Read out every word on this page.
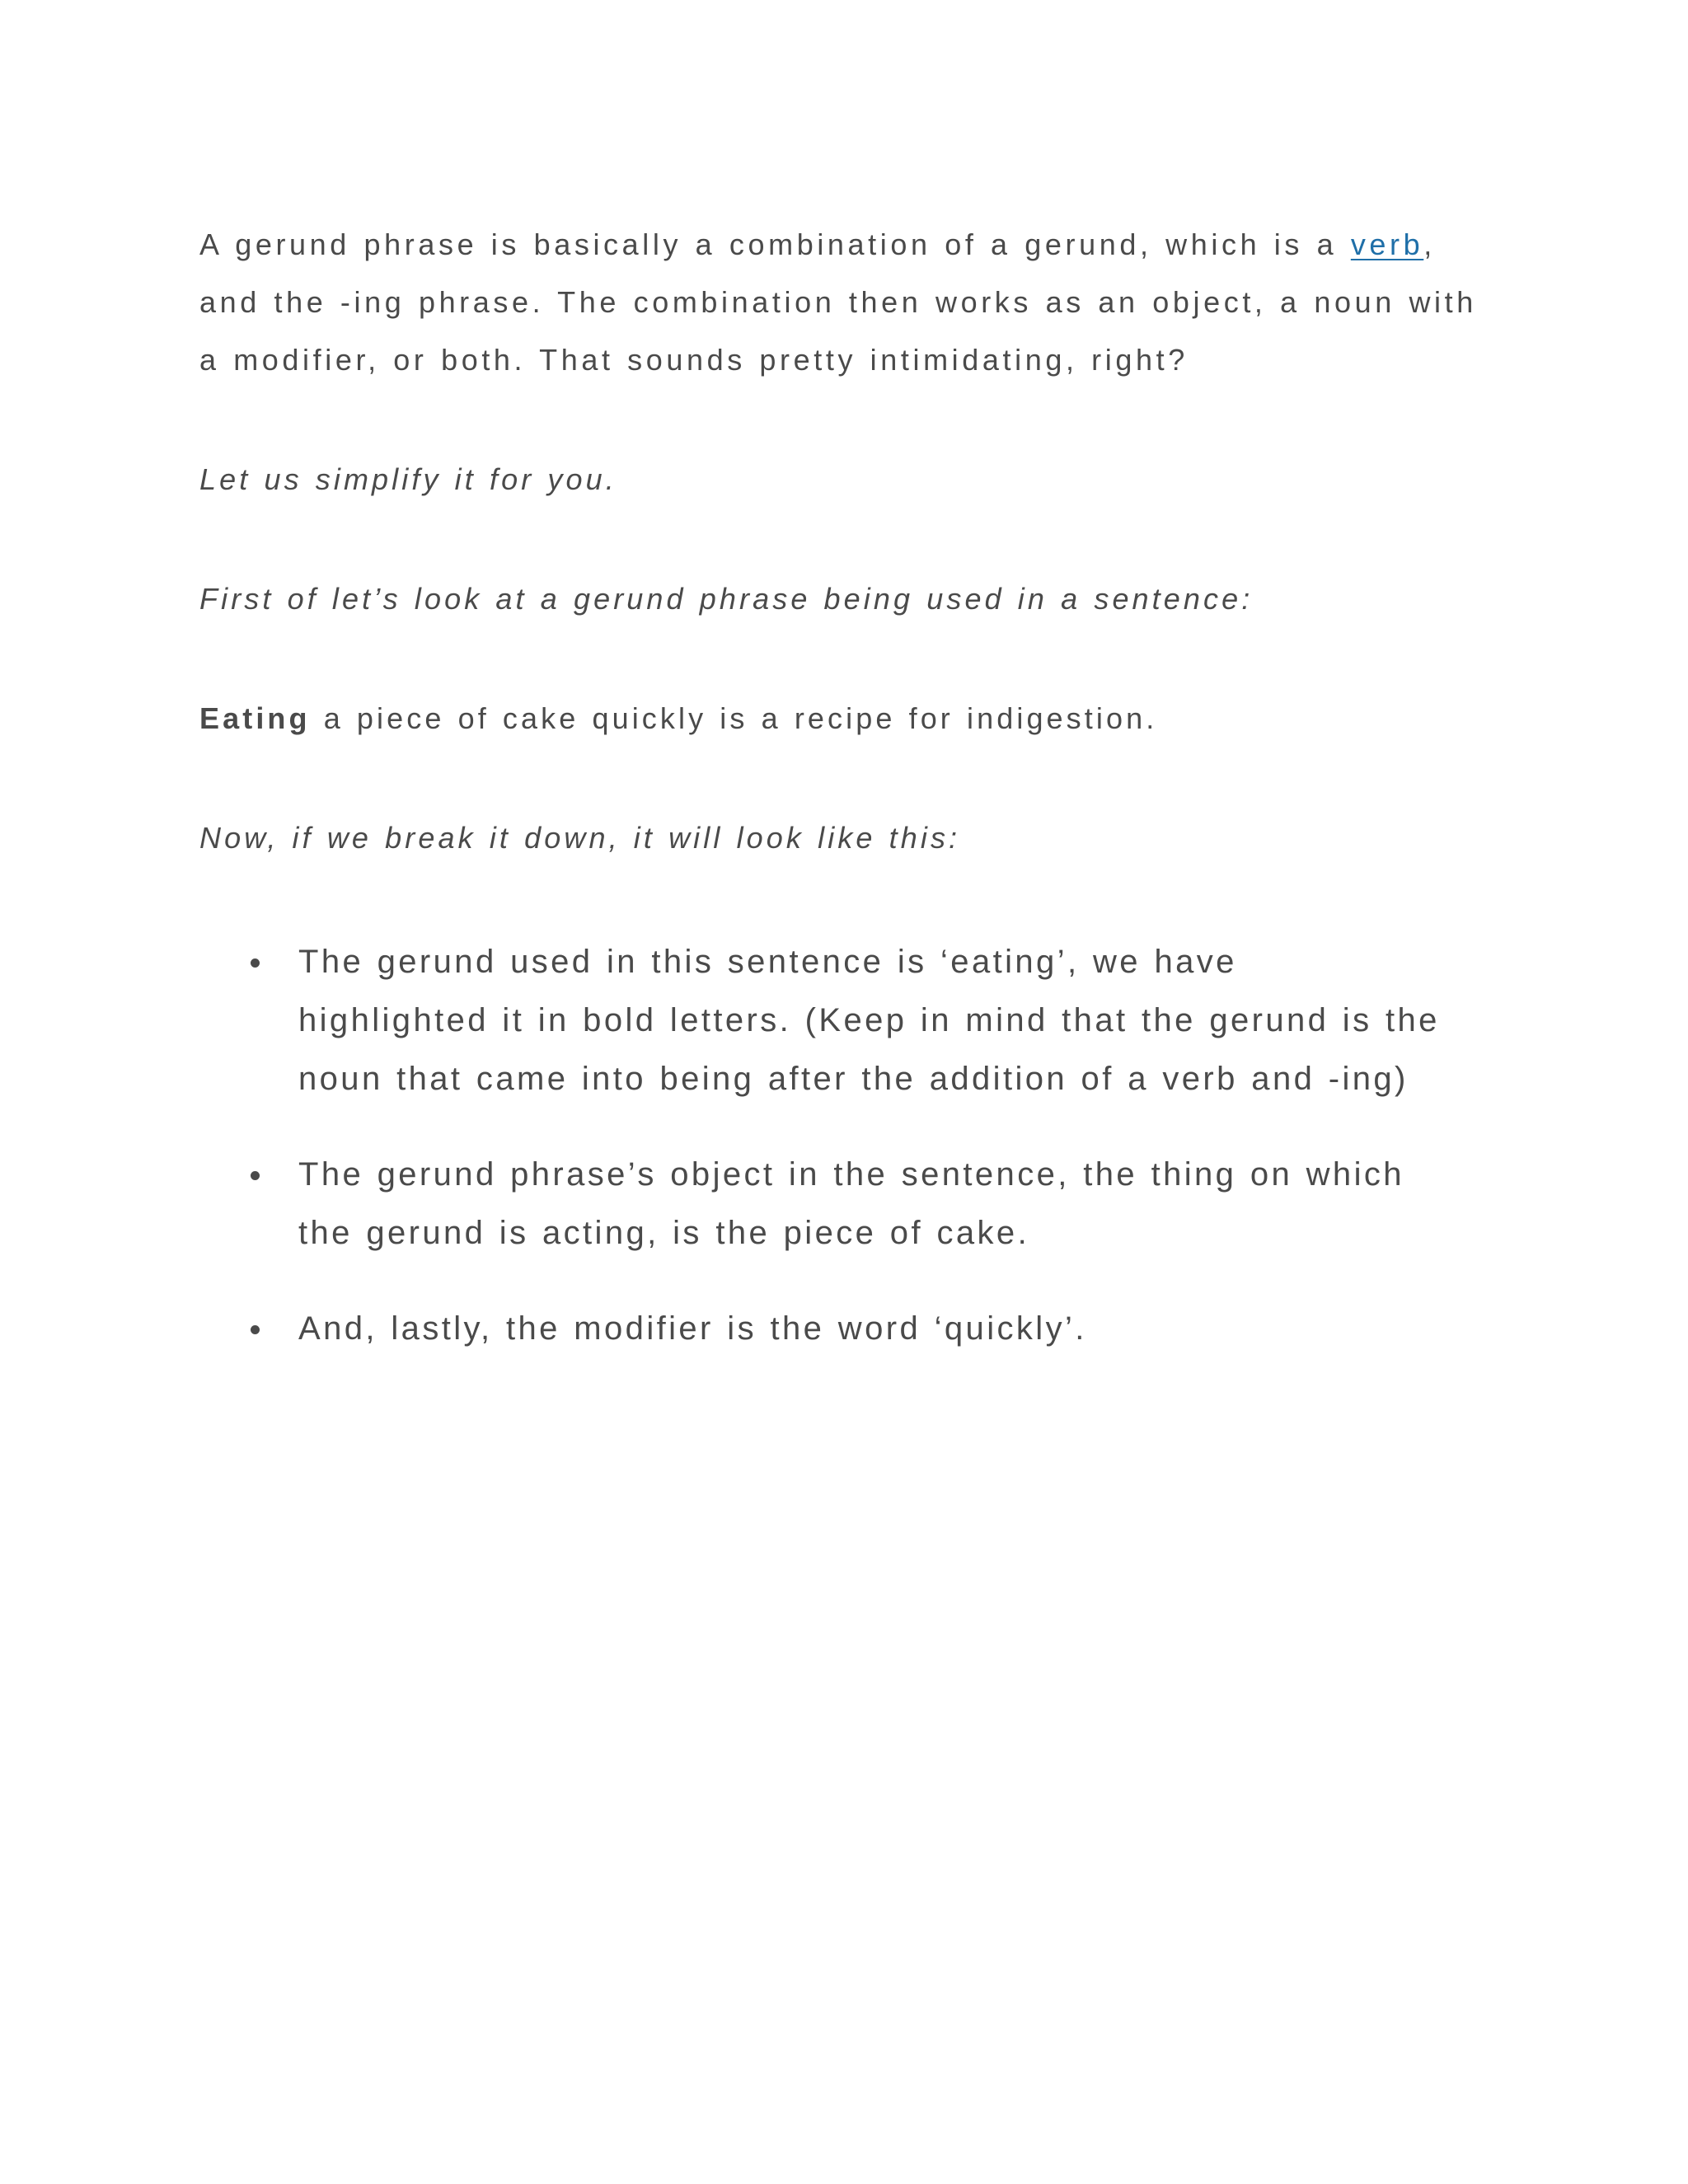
A gerund phrase is basically a combination of a gerund, which is a verb, and the -ing phrase. The combination then works as an object, a noun with a modifier, or both. That sounds pretty intimidating, right?

Let us simplify it for you.

First of let’s look at a gerund phrase being used in a sentence:

Eating a piece of cake quickly is a recipe for indigestion.

Now, if we break it down, it will look like this:

The gerund used in this sentence is ‘eating’, we have highlighted it in bold letters. (Keep in mind that the gerund is the noun that came into being after the addition of a verb and -ing)
The gerund phrase’s object in the sentence, the thing on which the gerund is acting, is the piece of cake.
And, lastly, the modifier is the word ‘quickly’.
